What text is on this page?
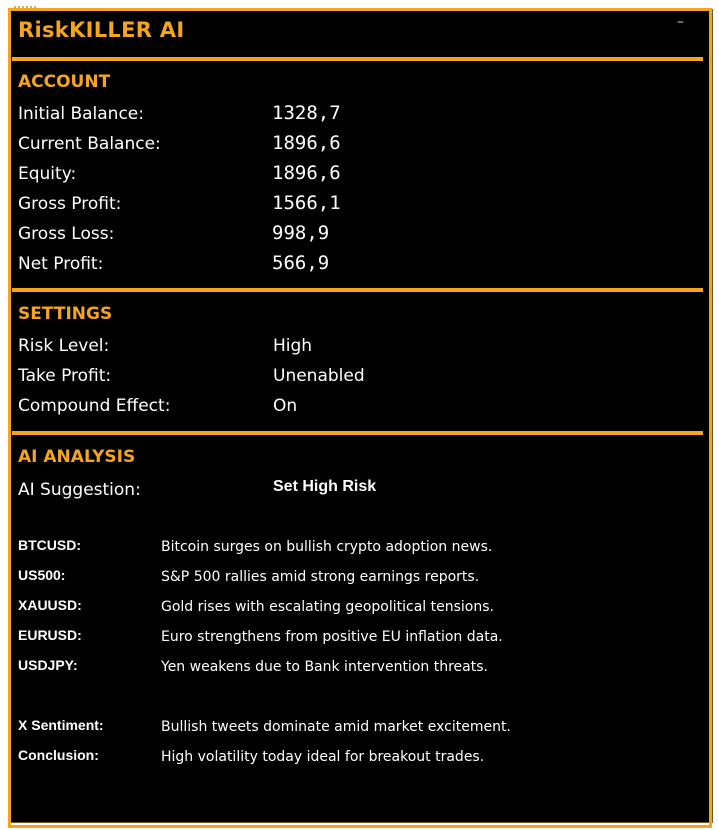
RiskKILLER AI	–
ACCOUNT
Initial Balance:	1328,7
Current Balance:	1896,6
Equity:	1896,6
Gross Profit:	1566,1
Gross Loss:	998,9
Net Profit:	566,9
SETTINGS
Risk Level:	High
Take Profit:	Unenabled
Compound Effect:	On
AI ANALYSIS
AI Suggestion:	Set High Risk
BTCUSD:	Bitcoin surges on bullish crypto adoption news.
US500:	S&P 500 rallies amid strong earnings reports.
XAUUSD:	Gold rises with escalating geopolitical tensions.
EURUSD:	Euro strengthens from positive EU inflation data.
USDJPY:	Yen weakens due to Bank intervention threats.
X Sentiment:	Bullish tweets dominate amid market excitement.
Conclusion:	High volatility today ideal for breakout trades.
